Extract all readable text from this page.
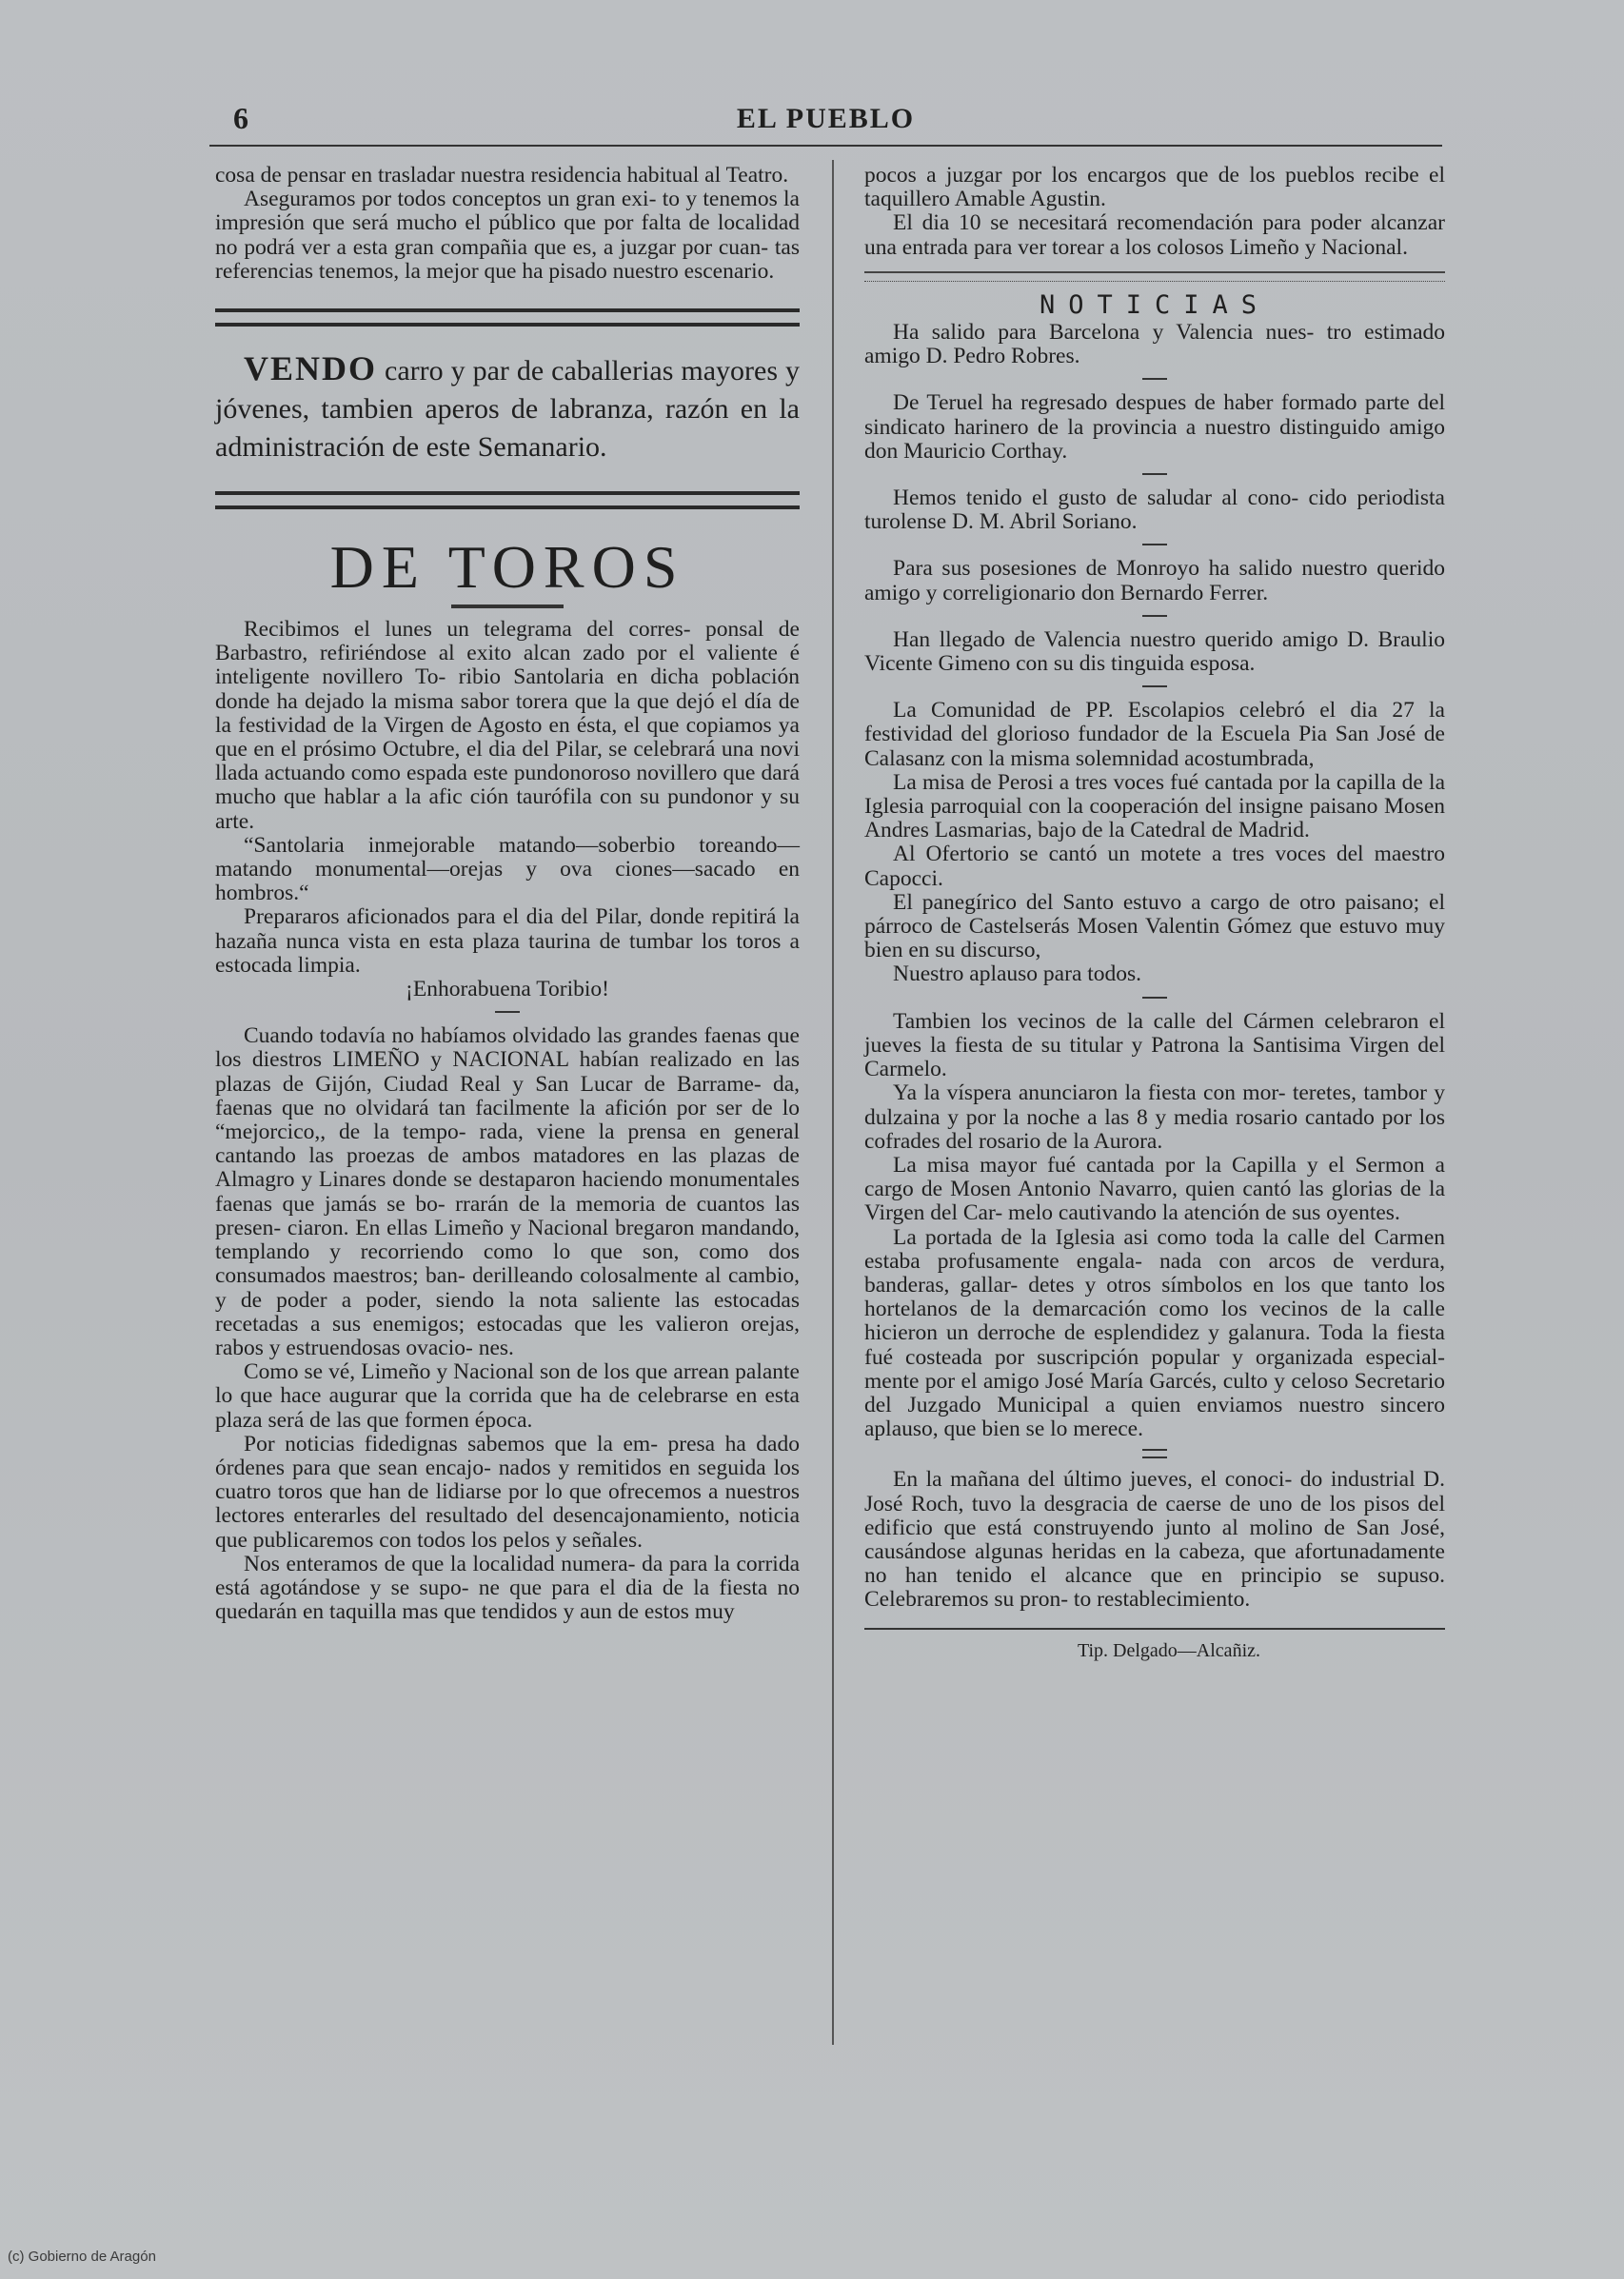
6	EL PUEBLO

cosa de pensar en trasladar nuestra residencia habitual al Teatro.

Aseguramos por todos conceptos un gran exi- to y tenemos la impresión que será mucho el público que por falta de localidad no podrá ver a esta gran compañia que es, a juzgar por cuan- tas referencias tenemos, la mejor que ha pisado nuestro escenario.

VENDO carro y par de caballerias mayores y jóvenes, tambien aperos de labranza, razón en la administración de este Semanario.

DE TOROS

Recibimos el lunes un telegrama del corres- ponsal de Barbastro, refiriéndose al exito alcan zado por el valiente é inteligente novillero To- ribio Santolaria en dicha población donde ha dejado la misma sabor torera que la que dejó el día de la festividad de la Virgen de Agosto en ésta, el que copiamos ya que en el prósimo Octubre, el dia del Pilar, se celebrará una novi llada actuando como espada este pundonoroso novillero que dará mucho que hablar a la afic ción taurófila con su pundonor y su arte.

“Santolaria inmejorable matando—soberbio toreando—matando monumental—orejas y ova ciones—sacado en hombros.“

Prepararos aficionados para el dia del Pilar, donde repitirá la hazaña nunca vista en esta plaza taurina de tumbar los toros a estocada limpia.

¡Enhorabuena Toribio!

Cuando todavía no habíamos olvidado las grandes faenas que los diestros LIMEÑO y NACIONAL habían realizado en las plazas de Gijón, Ciudad Real y San Lucar de Barrame- da, faenas que no olvidará tan facilmente la afición por ser de lo “mejorcico,, de la tempo- rada, viene la prensa en general cantando las proezas de ambos matadores en las plazas de Almagro y Linares donde se destaparon haciendo monumentales faenas que jamás se bo- rrarán de la memoria de cuantos las presen- ciaron. En ellas Limeño y Nacional bregaron mandando, templando y recorriendo como lo que son, como dos consumados maestros; ban- derilleando colosalmente al cambio, y de poder a poder, siendo la nota saliente las estocadas recetadas a sus enemigos; estocadas que les valieron orejas, rabos y estruendosas ovacio- nes.

Como se vé, Limeño y Nacional son de los que arrean palante lo que hace augurar que la corrida que ha de celebrarse en esta plaza será de las que formen época.

Por noticias fidedignas sabemos que la em- presa ha dado órdenes para que sean encajo- nados y remitidos en seguida los cuatro toros que han de lidiarse por lo que ofrecemos a nuestros lectores enterarles del resultado del desencajonamiento, noticia que publicaremos con todos los pelos y señales.

Nos enteramos de que la localidad numera- da para la corrida está agotándose y se supo- ne que para el dia de la fiesta no quedarán en taquilla mas que tendidos y aun de estos muy

pocos a juzgar por los encargos que de los pueblos recibe el taquillero Amable Agustin.

El dia 10 se necesitará recomendación para poder alcanzar una entrada para ver torear a los colosos Limeño y Nacional.

NOTICIAS

Ha salido para Barcelona y Valencia nues- tro estimado amigo D. Pedro Robres.

De Teruel ha regresado despues de haber formado parte del sindicato harinero de la provincia a nuestro distinguido amigo don Mauricio Corthay.

Hemos tenido el gusto de saludar al cono- cido periodista turolense D. M. Abril Soriano.

Para sus posesiones de Monroyo ha salido nuestro querido amigo y correligionario don Bernardo Ferrer.

Han llegado de Valencia nuestro querido amigo D. Braulio Vicente Gimeno con su dis tinguida esposa.

La Comunidad de PP. Escolapios celebró el dia 27 la festividad del glorioso fundador de la Escuela Pia San José de Calasanz con la misma solemnidad acostumbrada,

La misa de Perosi a tres voces fué cantada por la capilla de la Iglesia parroquial con la cooperación del insigne paisano Mosen Andres Lasmarias, bajo de la Catedral de Madrid.

Al Ofertorio se cantó un motete a tres voces del maestro Capocci.

El panegírico del Santo estuvo a cargo de otro paisano; el párroco de Castelserás Mosen Valentin Gómez que estuvo muy bien en su discurso,

Nuestro aplauso para todos.

Tambien los vecinos de la calle del Cármen celebraron el jueves la fiesta de su titular y Patrona la Santisima Virgen del Carmelo.

Ya la víspera anunciaron la fiesta con mor- teretes, tambor y dulzaina y por la noche a las 8 y media rosario cantado por los cofrades del rosario de la Aurora.

La misa mayor fué cantada por la Capilla y el Sermon a cargo de Mosen Antonio Navarro, quien cantó las glorias de la Virgen del Car- melo cautivando la atención de sus oyentes.

La portada de la Iglesia asi como toda la calle del Carmen estaba profusamente engala- nada con arcos de verdura, banderas, gallar- detes y otros símbolos en los que tanto los hortelanos de la demarcación como los vecinos de la calle hicieron un derroche de esplendidez y galanura. Toda la fiesta fué costeada por suscripción popular y organizada especial- mente por el amigo José María Garcés, culto y celoso Secretario del Juzgado Municipal a quien enviamos nuestro sincero aplauso, que bien se lo merece.

En la mañana del último jueves, el conoci- do industrial D. José Roch, tuvo la desgracia de caerse de uno de los pisos del edificio que está construyendo junto al molino de San José, causándose algunas heridas en la cabeza, que afortunadamente no han tenido el alcance que en principio se supuso. Celebraremos su pron- to restablecimiento.

Tip. Delgado—Alcañiz.

(c) Gobierno de Aragón
